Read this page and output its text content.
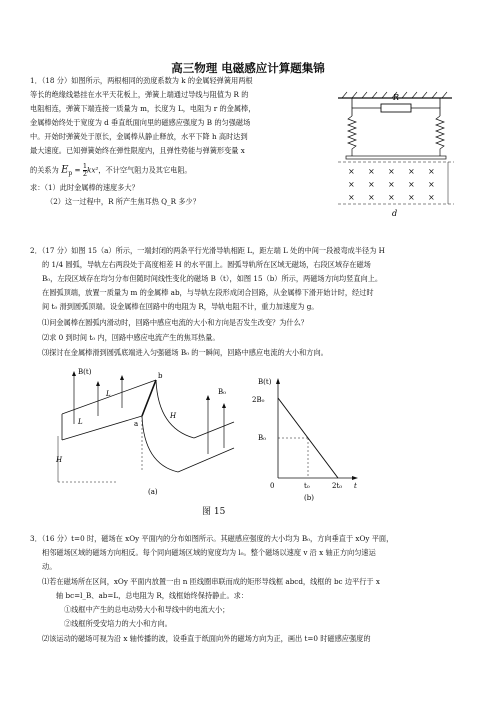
高三物理 电磁感应计算题集锦
1．（18 分）如图所示，两根相同的劲度系数为 k 的金属轻弹簧用两根
等长的绝缘线悬挂在水平天花板上，弹簧上端通过导线与阻值为 R 的
电阻相连，弹簧下端连接一质量为 m，长度为 L，电阻为 r 的金属棒，
金属棒始终处于宽度为 d 垂直纸面向里的磁感应强度为 B 的匀强磁场
中。开始时弹簧处于原长，金属棒从静止释放，水平下降 h 高时达到
最大速度。已知弹簧始终在弹性限度内，且弹性势能与弹簧形变量 x
的关系为 $E_p = \frac{1}{2} kx^2$，不计空气阻力及其它电阻。
求：（1）此时金属棒的速度多大？
（2）这一过程中，R 所产生焦耳热 Q_R 多少？
R
× × × × ×
× × × × ×
× × × × ×
d
2．（17 分）如图 15（a）所示，一端封闭的两条平行光滑导轨相距 L，距左端 L 处的中间一段被弯成半径为 H
的 1/4 圆弧，导轨左右两段处于高度相差 H 的水平面上。圆弧导轨所在区域无磁场，右段区域存在磁场
B₀，左段区域存在均匀分布但随时间线性变化的磁场 B（t），如图 15（b）所示，两磁场方向均竖直向上。
在圆弧顶端，放置一质量为 m 的金属棒 ab，与导轨左段形成闭合回路，从金属棒下滑开始计时，经过时
间 t₀ 滑到圆弧顶端。设金属棒在回路中的电阻为 R，导轨电阻不计，重力加速度为 g。
⑴问金属棒在圆弧内滑动时，回路中感应电流的大小和方向是否发生改变？为什么？
⑵求 0 到时间 t₀ 内，回路中感应电流产生的焦耳热量。
⑶探讨在金属棒滑到圆弧底端进入匀强磁场 B₀ 的一瞬间，回路中感应电流的大小和方向。
B(t)
L
L	a
b
H
B₀
H
(a)
B(t)
2B₀
B₀
0	t₀	2t₀ t
(b)
图 15
3．（16 分）t=0 时，磁场在 xOy 平面内的分布如图所示。其磁感应强度的大小均为 B₀，方向垂直于 xOy 平面，
相邻磁场区域的磁场方向相反。每个同向磁场区域的宽度均为 l₀。整个磁场以速度 v 沿 x 轴正方向匀速运
动。
⑴若在磁场所在区间，xOy 平面内放置一由 n 匝线圈串联而成的矩形导线框 abcd，线框的 bc 边平行于 x
轴 bc=l_B、ab=L，总电阻为 R，线框始终保持静止。求：
①线框中产生的总电动势大小和导线中的电流大小；
②线框所受安培力的大小和方向。
⑵该运动的磁场可视为沿 x 轴传播的波，设垂直于纸面向外的磁场方向为正，画出 t=0 时磁感应强度的
